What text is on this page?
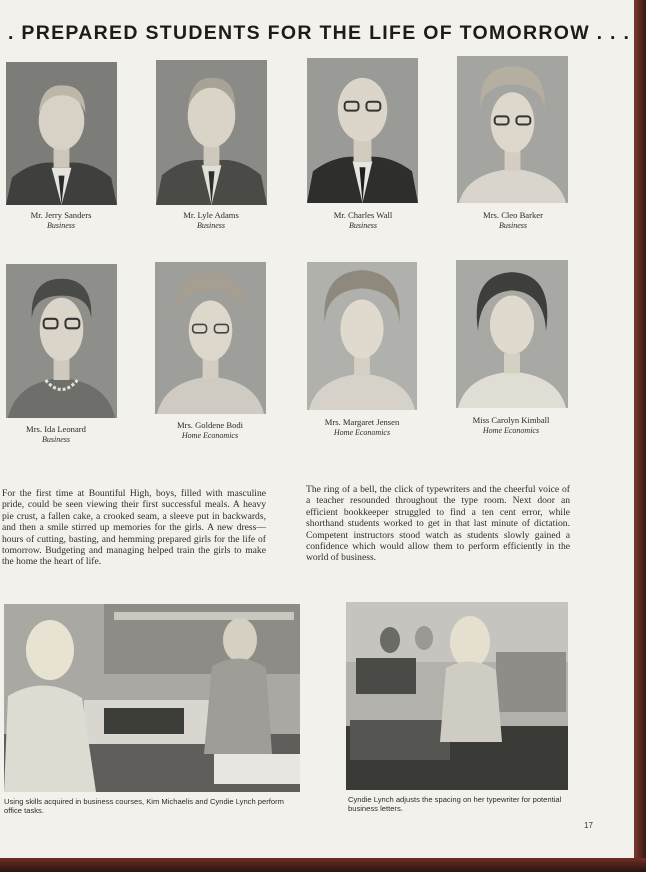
. PREPARED STUDENTS FOR THE LIFE OF TOMORROW . . .
Mr. Jerry Sanders
Business
Mr. Lyle Adams
Business
Mr. Charles Wall
Business
Mrs. Cleo Barker
Business
Mrs. Ida Leonard
Business
Mrs. Goldene Bodi
Home Economics
Mrs. Margaret Jensen
Home Economics
Miss Carolyn Kimball
Home Economics
For the first time at Bountiful High, boys, filled with masculine pride, could be seen viewing their first successful meals. A heavy pie crust, a fallen cake, a crooked seam, a sleeve put in backwards, and then a smile stirred up memories for the girls. A new dress—hours of cutting, basting, and hemming prepared girls for the life of tomorrow. Budgeting and managing helped train the girls to make the home the heart of life.
The ring of a bell, the click of typewriters and the cheerful voice of a teacher resounded throughout the type room. Next door an efficient bookkeeper struggled to find a ten cent error, while shorthand students worked to get in that last minute of dictation. Competent instructors stood watch as students slowly gained a confidence which would allow them to perform efficiently in the world of business.
Using skills acquired in business courses, Kim Michaelis and Cyndie Lynch perform office tasks.
Cyndie Lynch adjusts the spacing on her typewriter for potential business letters.
17
